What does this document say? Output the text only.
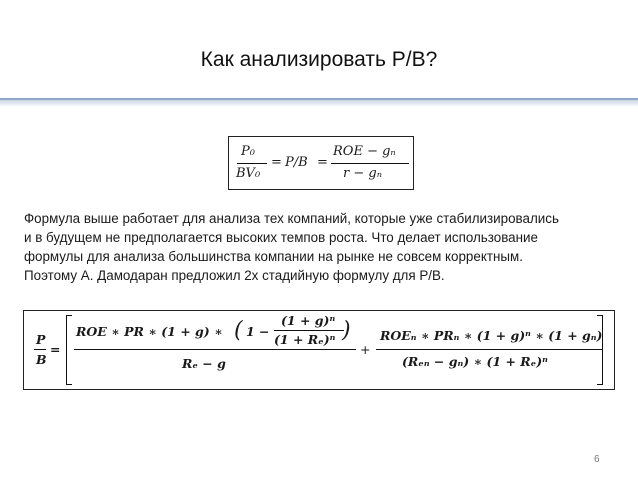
Как анализировать P/B?
P₀
BV₀
= P/B =
ROE − gₙ
r − gₙ
Формула выше работает для анализа тех компаний, которые уже стабилизировались
и в будущем не предполагается высоких темпов роста. Что делает использование
формулы для анализа большинства компании на рынке не совсем корректным.
Поэтому А. Дамодаран предложил 2х стадийную формулу для P/B.
P
B
=
ROE ∗ PR ∗ (1 + g) ∗ ( 1 −
(1 + g)ⁿ
(1 + Rₑ)ⁿ )
Rₑ − g
+
ROEₙ ∗ PRₙ ∗ (1 + g)ⁿ ∗ (1 + gₙ)
(Rₑₙ − gₙ) ∗ (1 + Rₑ)ⁿ
6
